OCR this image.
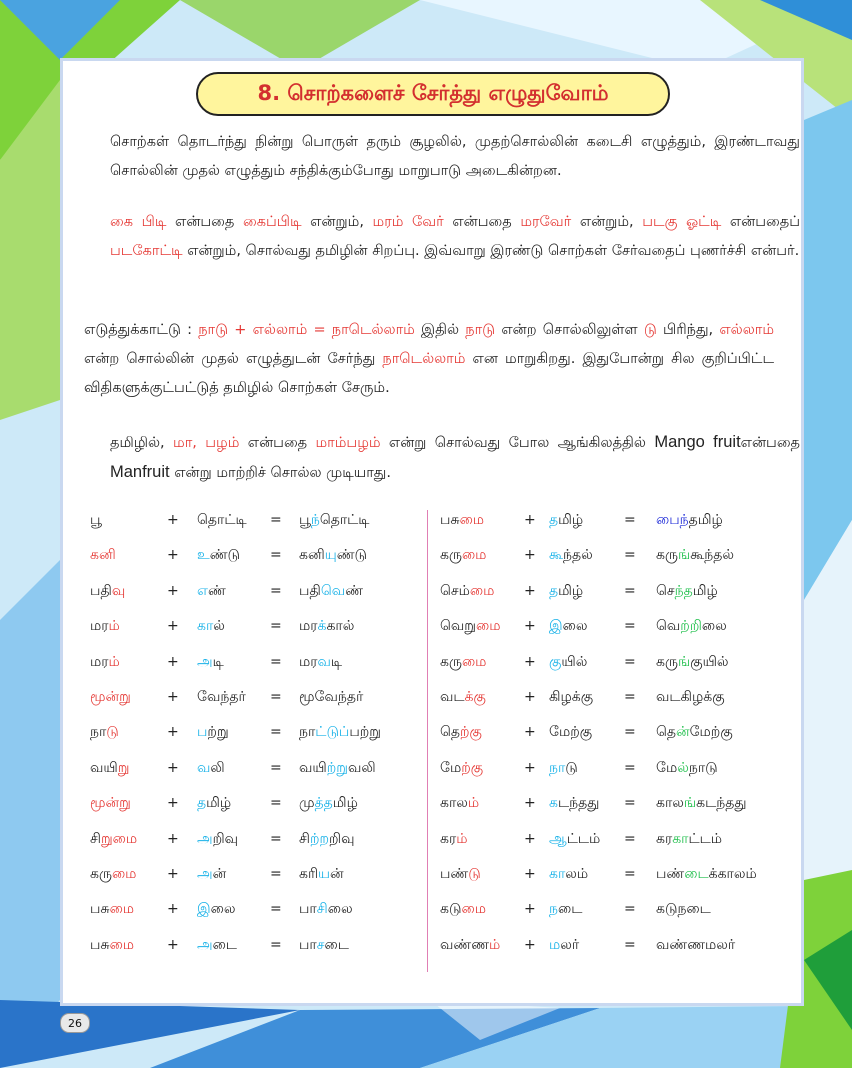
8. சொற்களைச் சேர்த்து எழுதுவோம்
சொற்கள் தொடர்ந்து நின்று பொருள் தரும் சூழலில், முதற்சொல்லின் கடைசி எழுத்தும், இரண்டாவது சொல்லின் முதல் எழுத்தும் சந்திக்கும்போது மாறுபாடு அடைகின்றன.
கை பிடி என்பதை கைப்பிடி என்றும், மரம் வேர் என்பதை மரவேர் என்றும், படகு ஓட்டி என்பதைப் படகோட்டி என்றும், சொல்வது தமிழின் சிறப்பு. இவ்வாறு இரண்டு சொற்கள் சேர்வதைப் புணர்ச்சி என்பர்.
எடுத்துக்காட்டு : நாடு + எல்லாம் = நாடெல்லாம் இதில் நாடு என்ற சொல்லிலுள்ள டு பிரிந்து, எல்லாம் என்ற சொல்லின் முதல் எழுத்துடன் சேர்ந்து நாடெல்லாம் என மாறுகிறது. இதுபோன்று சில குறிப்பிட்ட விதிகளுக்குட்பட்டுத் தமிழில் சொற்கள் சேரும்.
தமிழில், மா, பழம் என்பதை மாம்பழம் என்று சொல்வது போல ஆங்கிலத்தில் Mango fruitஎன்பதை Manfruit என்று மாற்றிச் சொல்ல முடியாது.
பூ	+ தொட்டி = பூந்தொட்டி
கனி	+ உண்டு = கனியுண்டு
பதிவு	+ எண்	= பதிவெண்
மரம்	+ கால்	= மரக்கால்
மரம்	+ அடி	= மரவடி
மூன்று	+ வேந்தர் = மூவேந்தர்
நாடு	+ பற்று	= நாட்டுப்பற்று
வயிறு	+ வலி	= வயிற்றுவலி
மூன்று	+ தமிழ்	= முத்தமிழ்
சிறுமை + அறிவு = சிற்றறிவு
கருமை + அன்	= கரியன்
பசுமை + இலை = பாசிலை
பசுமை + அடை = பாசடை
பசுமை	+ தமிழ்	= பைந்தமிழ்
கருமை	+ கூந்தல் = கருங்கூந்தல்
செம்மை + தமிழ்	= செந்தமிழ்
வெறுமை + இலை	= வெற்றிலை
கருமை	+ குயில்	= கருங்குயில்
வடக்கு	+ கிழக்கு = வடகிழக்கு
தெற்கு	+ மேற்கு = தென்மேற்கு
மேற்கு	+ நாடு	= மேல்நாடு
காலம்	+ கடந்தது = காலங்கடந்தது
கரம்	+ ஆட்டம் = கரகாட்டம்
பண்டு	+ காலம்	= பண்டைக்காலம்
கடுமை	+ நடை	= கடுநடை
வண்ணம் + மலர்	= வண்ணமலர்
26
